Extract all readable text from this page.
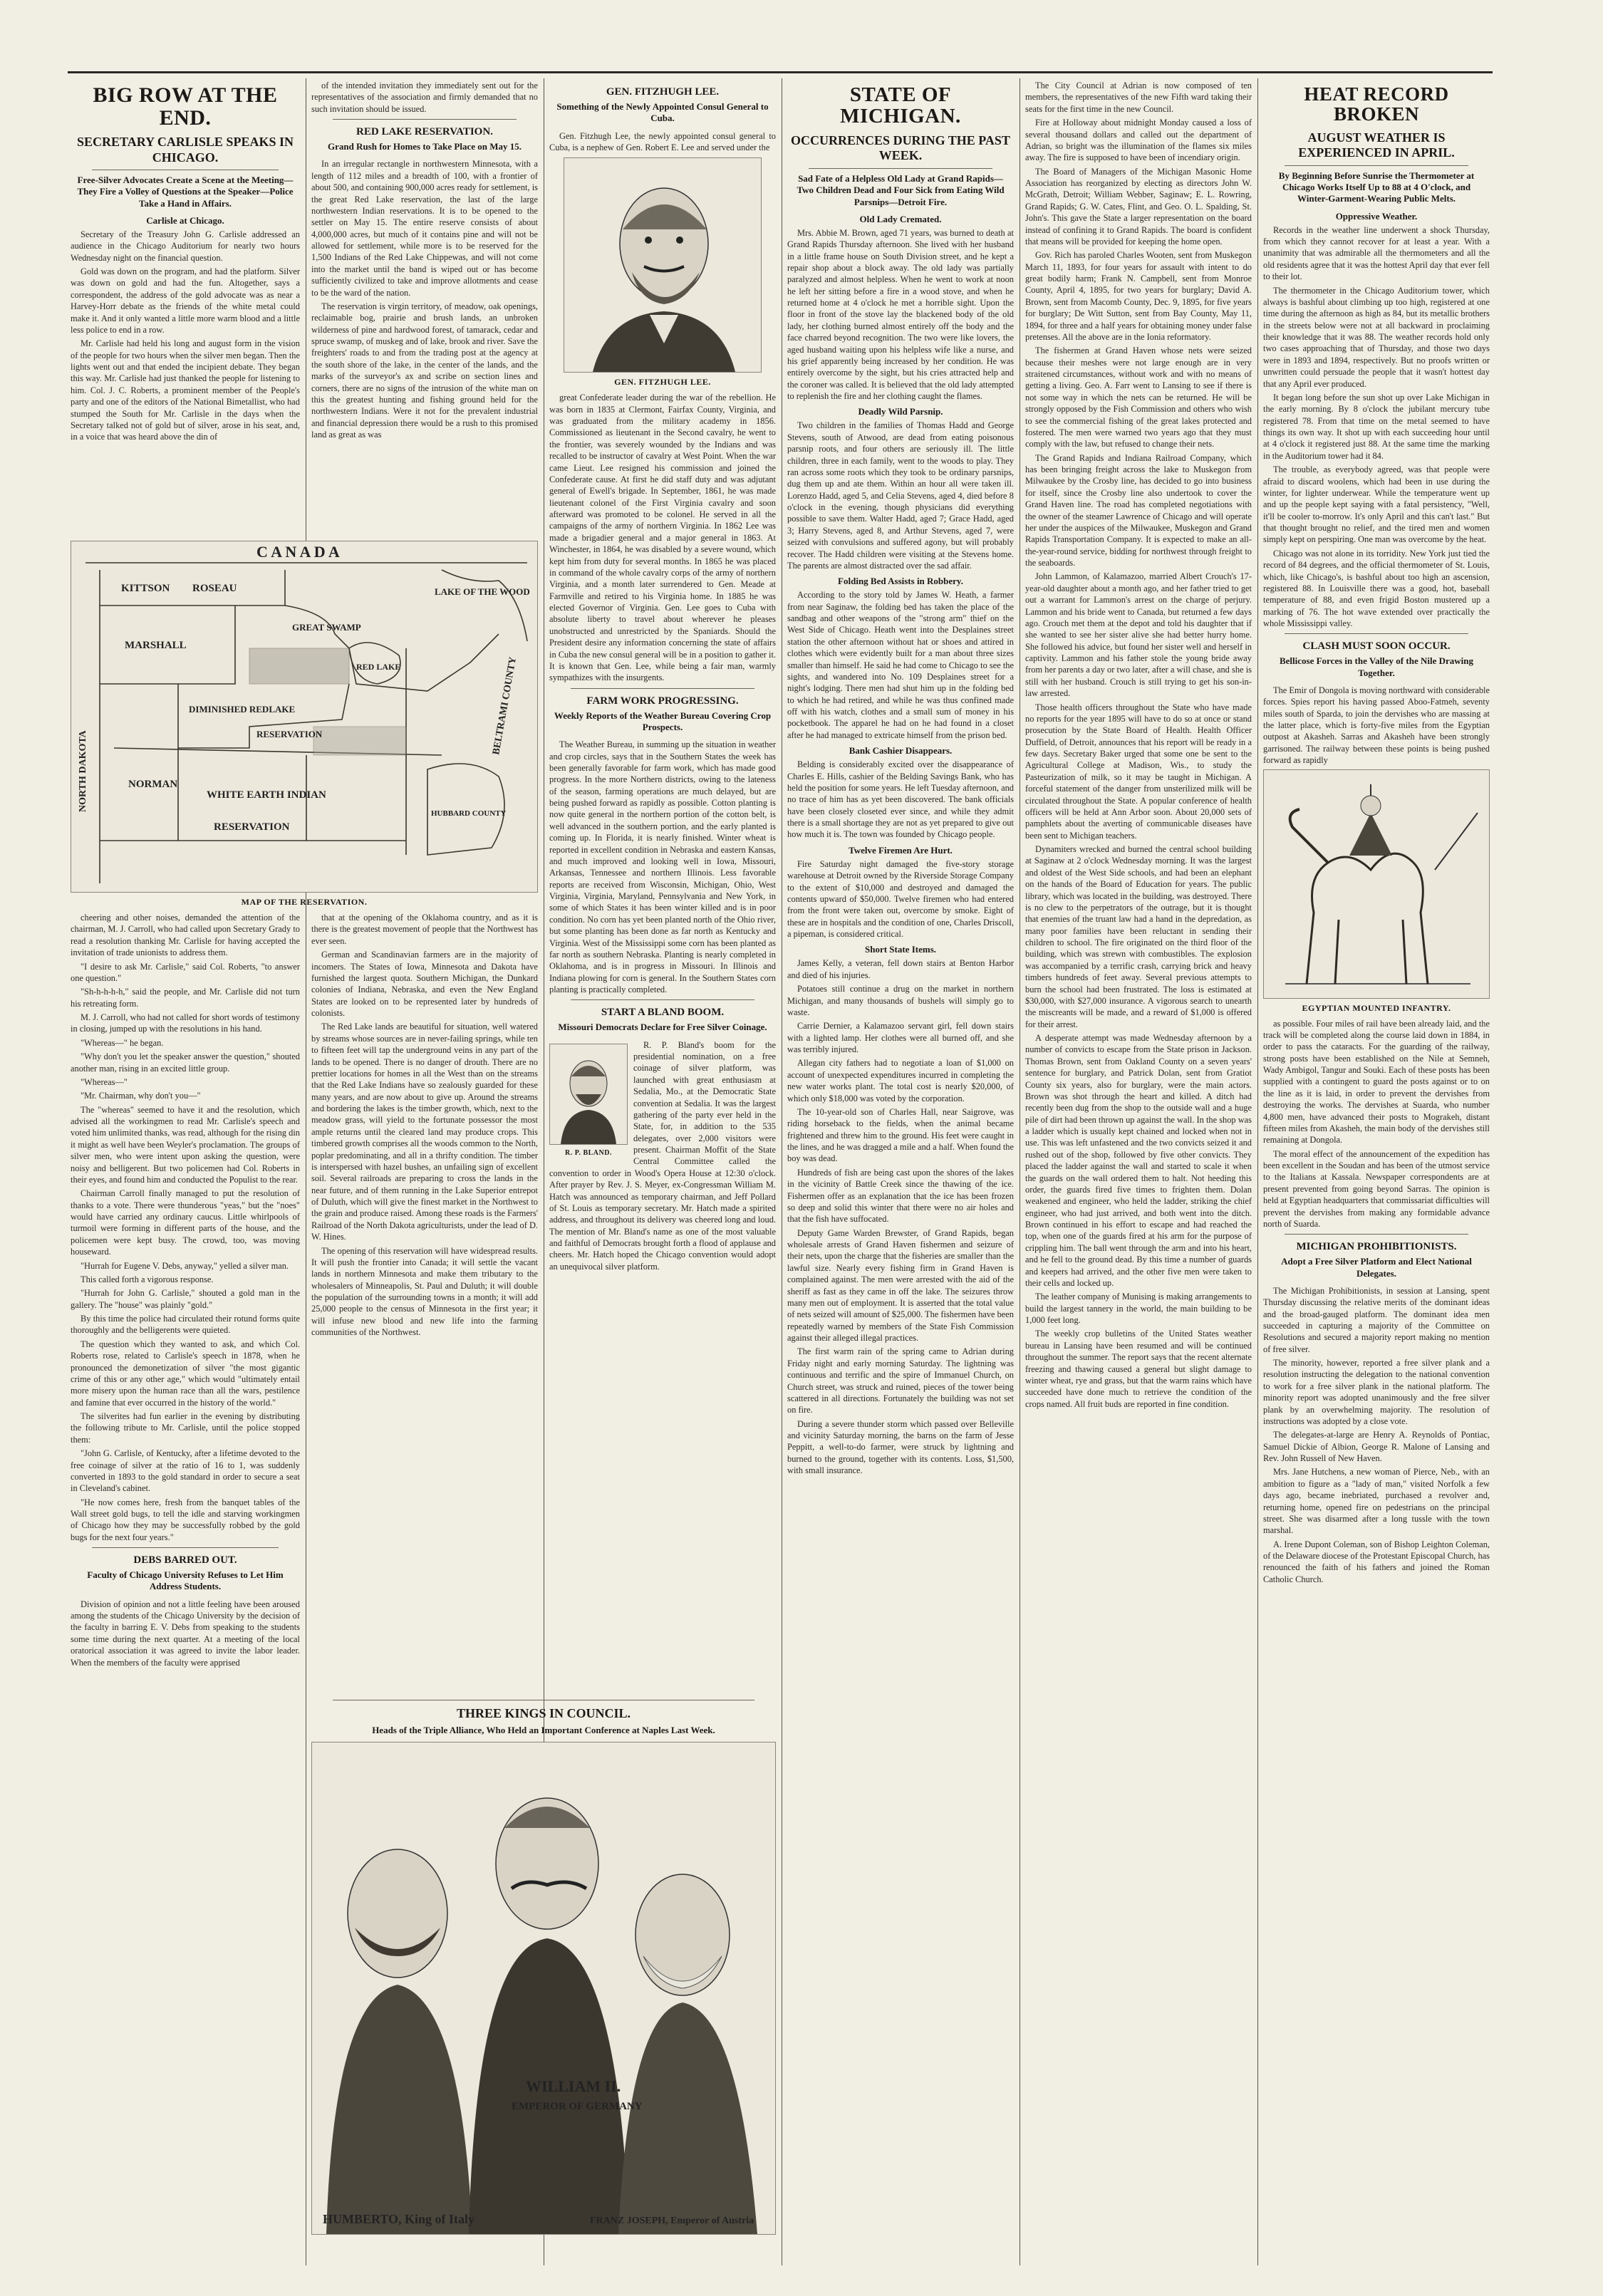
BIG ROW AT THE END.
SECRETARY CARLISLE SPEAKS IN CHICAGO.
Free-Silver Advocates Create a Scene at the Meeting—They Fire a Volley of Questions at the Speaker—Police Take a Hand in Affairs.
Carlisle at Chicago.

Secretary of the Treasury John G. Carlisle addressed an audience in the Chicago Auditorium for nearly two hours Wednesday night on the financial question.

Gold was down on the program, and had the platform. Silver was down on gold and had the fun. Altogether, says a correspondent, the address of the gold advocate was as near a Harvey-Horr debate as the friends of the white metal could make it. And it only wanted a little more warm blood and a little less police to end in a row.

Mr. Carlisle had held his long and august form in the vision of the people for two hours when the silver men began. Then the lights went out and that ended the incipient debate. They began this way. Mr. Carlisle had just thanked the people for listening to him. Col. J. C. Roberts, a prominent member of the People's party and one of the editors of the National Bimetallist, who had stumped the South for Mr. Carlisle in the days when the Secretary talked not of gold but of silver, arose in his seat, and, in a voice that was heard above the din of

C A N A D A
KITTSON ROSEAU	LAKE OF THE WOOD
GREAT SWAMP
MARSHALL
RED LAKE
DIMINISHED REDLAKE
RESERVATION
NORTH DAKOTA
BELTRAMI COUNTY
NORMAN
WHITE EARTH INDIAN
RESERVATION
HUBBARD COUNTY
MAP OF THE RESERVATION.

cheering and other noises, demanded the attention of the chairman, M. J. Carroll, who had called upon Secretary Grady to read a resolution thanking Mr. Carlisle for having accepted the invitation of trade unionists to address them.

"I desire to ask Mr. Carlisle," said Col. Roberts, "to answer one question."

"Sh-h-h-h-h," said the people, and Mr. Carlisle did not turn his retreating form.

M. J. Carroll, who had not called for short words of testimony in closing, jumped up with the resolutions in his hand.

"Whereas—" he began.

"Why don't you let the speaker answer the question," shouted another man, rising in an excited little group.

"Whereas—"

"Mr. Chairman, why don't you—"

The "whereas" seemed to have it and the resolution, which advised all the workingmen to read Mr. Carlisle's speech and voted him unlimited thanks, was read, although for the rising din it might as well have been Weyler's proclamation. The groups of silver men, who were intent upon asking the question, were noisy and belligerent. But two policemen had Col. Roberts in their eyes, and found him and conducted the Populist to the rear.

Chairman Carroll finally managed to put the resolution of thanks to a vote. There were thunderous "yeas," but the "noes" would have carried any ordinary caucus. Little whirlpools of turmoil were forming in different parts of the house, and the policemen were kept busy. The crowd, too, was moving houseward.

"Hurrah for Eugene V. Debs, anyway," yelled a silver man.

This called forth a vigorous response.

"Hurrah for John G. Carlisle," shouted a gold man in the gallery. The "house" was plainly "gold."

By this time the police had circulated their rotund forms quite thoroughly and the belligerents were quieted.

The question which they wanted to ask, and which Col. Roberts rose, related to Carlisle's speech in 1878, when he pronounced the demonetization of silver "the most gigantic crime of this or any other age," which would "ultimately entail more misery upon the human race than all the wars, pestilence and famine that ever occurred in the history of the world."

The silverites had fun earlier in the evening by distributing the following tribute to Mr. Carlisle, until the police stopped them:

"John G. Carlisle, of Kentucky, after a lifetime devoted to the free coinage of silver at the ratio of 16 to 1, was suddenly converted in 1893 to the gold standard in order to secure a seat in Cleveland's cabinet.

"He now comes here, fresh from the banquet tables of the Wall street gold bugs, to tell the idle and starving workingmen of Chicago how they may be successfully robbed by the gold bugs for the next four years."

DEBS BARRED OUT.
Faculty of Chicago University Refuses to Let Him Address Students.

Division of opinion and not a little feeling have been aroused among the students of the Chicago University by the decision of the faculty in barring E. V. Debs from speaking to the students some time during the next quarter. At a meeting of the local oratorical association it was agreed to invite the labor leader. When the members of the faculty were apprised

of the intended invitation they immediately sent out for the representatives of the association and firmly demanded that no such invitation should be issued.

RED LAKE RESERVATION.
Grand Rush for Homes to Take Place on May 15.

In an irregular rectangle in northwestern Minnesota, with a length of 112 miles and a breadth of 100, with a frontier of about 500, and containing 900,000 acres ready for settlement, is the great Red Lake reservation, the last of the large northwestern Indian reservations. It is to be opened to the settler on May 15. The entire reserve consists of about 4,000,000 acres, but much of it contains pine and will not be allowed for settlement, while more is to be reserved for the 1,500 Indians of the Red Lake Chippewas, and will not come into the market until the band is wiped out or has become sufficiently civilized to take and improve allotments and cease to be the ward of the nation.

The reservation is virgin territory, of meadow, oak openings, reclaimable bog, prairie and brush lands, an unbroken wilderness of pine and hardwood forest, of tamarack, cedar and spruce swamp, of muskeg and of lake, brook and river. Save the freighters' roads to and from the trading post at the agency at the south shore of the lake, in the center of the lands, and the marks of the surveyor's ax and scribe on section lines and corners, there are no signs of the intrusion of the white man on this the greatest hunting and fishing ground held for the northwestern Indians. Were it not for the prevalent industrial and financial depression there would be a rush to this promised land as great as was

that at the opening of the Oklahoma country, and as it is there is the greatest movement of people that the Northwest has ever seen.

German and Scandinavian farmers are in the majority of incomers. The States of Iowa, Minnesota and Dakota have furnished the largest quota. Southern Michigan, the Dunkard colonies of Indiana, Nebraska, and even the New England States are looked on to be represented later by hundreds of colonists.

The Red Lake lands are beautiful for situation, well watered by streams whose sources are in never-failing springs, while ten to fifteen feet will tap the underground veins in any part of the lands to be opened. There is no danger of drouth. There are no prettier locations for homes in all the West than on the streams that the Red Lake Indians have so zealously guarded for these many years, and are now about to give up. Around the streams and bordering the lakes is the timber growth, which, next to the meadow grass, will yield to the fortunate possessor the most ample returns until the cleared land may produce crops. This timbered growth comprises all the woods common to the North, poplar predominating, and all in a thrifty condition. The timber is interspersed with hazel bushes, an unfailing sign of excellent soil. Several railroads are preparing to cross the lands in the near future, and of them running in the Lake Superior entrepot of Duluth, which will give the finest market in the Northwest to the grain and produce raised. Among these roads is the Farmers' Railroad of the North Dakota agriculturists, under the lead of D. W. Hines.

The opening of this reservation will have widespread results. It will push the frontier into Canada; it will settle the vacant lands in northern Minnesota and make them tributary to the wholesalers of Minneapolis, St. Paul and Duluth; it will double the population of the surrounding towns in a month; it will add 25,000 people to the census of Minnesota in the first year; it will infuse new blood and new life into the farming communities of the Northwest.

GEN. FITZHUGH LEE.
Something of the Newly Appointed Consul General to Cuba.

Gen. Fitzhugh Lee, the newly appointed consul general to Cuba, is a nephew of Gen. Robert E. Lee and served under the

GEN. FITZHUGH LEE.

great Confederate leader during the war of the rebellion. He was born in 1835 at Clermont, Fairfax County, Virginia, and was graduated from the military academy in 1856. Commissioned as lieutenant in the Second cavalry, he went to the frontier, was severely wounded by the Indians and was recalled to be instructor of cavalry at West Point. When the war came Lieut. Lee resigned his commission and joined the Confederate cause. At first he did staff duty and was adjutant general of Ewell's brigade. In September, 1861, he was made lieutenant colonel of the First Virginia cavalry and soon afterward was promoted to be colonel. He served in all the campaigns of the army of northern Virginia. In 1862 Lee was made a brigadier general and a major general in 1863. At Winchester, in 1864, he was disabled by a severe wound, which kept him from duty for several months. In 1865 he was placed in command of the whole cavalry corps of the army of northern Virginia, and a month later surrendered to Gen. Meade at Farmville and retired to his Virginia home. In 1885 he was elected Governor of Virginia. Gen. Lee goes to Cuba with absolute liberty to travel about wherever he pleases unobstructed and unrestricted by the Spaniards. Should the President desire any information concerning the state of affairs in Cuba the new consul general will be in a position to gather it. It is known that Gen. Lee, while being a fair man, warmly sympathizes with the insurgents.

FARM WORK PROGRESSING.
Weekly Reports of the Weather Bureau Covering Crop Prospects.

The Weather Bureau, in summing up the situation in weather and crop circles, says that in the Southern States the week has been generally favorable for farm work, which has made good progress. In the more Northern districts, owing to the lateness of the season, farming operations are much delayed, but are being pushed forward as rapidly as possible. Cotton planting is now quite general in the northern portion of the cotton belt, is well advanced in the southern portion, and the early planted is coming up. In Florida, it is nearly finished. Winter wheat is reported in excellent condition in Nebraska and eastern Kansas, and much improved and looking well in Iowa, Missouri, Arkansas, Tennessee and northern Illinois. Less favorable reports are received from Wisconsin, Michigan, Ohio, West Virginia, Virginia, Maryland, Pennsylvania and New York, in some of which States it has been winter killed and is in poor condition. No corn has yet been planted north of the Ohio river, but some planting has been done as far north as Kentucky and Virginia. West of the Mississippi some corn has been planted as far north as southern Nebraska. Planting is nearly completed in Oklahoma, and is in progress in Missouri. In Illinois and Indiana plowing for corn is general. In the Southern States corn planting is practically completed.

START A BLAND BOOM.
Missouri Democrats Declare for Free Silver Coinage.
R. P. BLAND.

R. P. Bland's boom for the presidential nomination, on a free coinage of silver platform, was launched with great enthusiasm at Sedalia, Mo., at the Democratic State convention at Sedalia. It was the largest gathering of the party ever held in the State, for, in addition to the 535 delegates, over 2,000 visitors were present. Chairman Moffit of the State Central Committee called the convention to order in Wood's Opera House at 12:30 o'clock. After prayer by Rev. J. S. Meyer, ex-Congressman William M. Hatch was announced as temporary chairman, and Jeff Pollard of St. Louis as temporary secretary. Mr. Hatch made a spirited address, and throughout its delivery was cheered long and loud. The mention of Mr. Bland's name as one of the most valuable and faithful of Democrats brought forth a flood of applause and cheers. Mr. Hatch hoped the Chicago convention would adopt an unequivocal silver platform.

THREE KINGS IN COUNCIL.
Heads of the Triple Alliance, Who Held an Important Conference at Naples Last Week.
WILLIAM II.
EMPEROR OF GERMANY
HUMBERTO, King of Italy	FRANZ JOSEPH, Emperor of Austria
STATE OF MICHIGAN.
OCCURRENCES DURING THE PAST WEEK.
Sad Fate of a Helpless Old Lady at Grand Rapids—Two Children Dead and Four Sick from Eating Wild Parsnips—Detroit Fire.
Old Lady Cremated.

Mrs. Abbie M. Brown, aged 71 years, was burned to death at Grand Rapids Thursday afternoon. She lived with her husband in a little frame house on South Division street, and he kept a repair shop about a block away. The old lady was partially paralyzed and almost helpless. When he went to work at noon he left her sitting before a fire in a wood stove, and when he returned home at 4 o'clock he met a horrible sight. Upon the floor in front of the stove lay the blackened body of the old lady, her clothing burned almost entirely off the body and the face charred beyond recognition. The two were like lovers, the aged husband waiting upon his helpless wife like a nurse, and his grief apparently being increased by her condition. He was entirely overcome by the sight, but his cries attracted help and the coroner was called. It is believed that the old lady attempted to replenish the fire and her clothing caught the flames.

Deadly Wild Parsnip.

Two children in the families of Thomas Hadd and George Stevens, south of Atwood, are dead from eating poisonous parsnip roots, and four others are seriously ill. The little children, three in each family, went to the woods to play. They ran across some roots which they took to be ordinary parsnips, dug them up and ate them. Within an hour all were taken ill. Lorenzo Hadd, aged 5, and Celia Stevens, aged 4, died before 8 o'clock in the evening, though physicians did everything possible to save them. Walter Hadd, aged 7; Grace Hadd, aged 3; Harry Stevens, aged 8, and Arthur Stevens, aged 7, were seized with convulsions and suffered agony, but will probably recover. The Hadd children were visiting at the Stevens home. The parents are almost distracted over the sad affair.

Folding Bed Assists in Robbery.

According to the story told by James W. Heath, a farmer from near Saginaw, the folding bed has taken the place of the sandbag and other weapons of the "strong arm" thief on the West Side of Chicago. Heath went into the Desplaines street station the other afternoon without hat or shoes and attired in clothes which were evidently built for a man about three sizes smaller than himself. He said he had come to Chicago to see the sights, and wandered into No. 109 Desplaines street for a night's lodging. There men had shut him up in the folding bed to which he had retired, and while he was thus confined made off with his watch, clothes and a small sum of money in his pocketbook. The apparel he had on he had found in a closet after he had managed to extricate himself from the prison bed.

Bank Cashier Disappears.

Belding is considerably excited over the disappearance of Charles E. Hills, cashier of the Belding Savings Bank, who has held the position for some years. He left Tuesday afternoon, and no trace of him has as yet been discovered. The bank officials have been closely closeted ever since, and while they admit there is a small shortage they are not as yet prepared to give out how much it is. The town was founded by Chicago people.

Twelve Firemen Are Hurt.

Fire Saturday night damaged the five-story storage warehouse at Detroit owned by the Riverside Storage Company to the extent of $10,000 and destroyed and damaged the contents upward of $50,000. Twelve firemen who had entered from the front were taken out, overcome by smoke. Eight of these are in hospitals and the condition of one, Charles Driscoll, a pipeman, is considered critical.

Short State Items.

James Kelly, a veteran, fell down stairs at Benton Harbor and died of his injuries.

Potatoes still continue a drug on the market in northern Michigan, and many thousands of bushels will simply go to waste.

Carrie Dernier, a Kalamazoo servant girl, fell down stairs with a lighted lamp. Her clothes were all burned off, and she was terribly injured.

Allegan city fathers had to negotiate a loan of $1,000 on account of unexpected expenditures incurred in completing the new water works plant. The total cost is nearly $20,000, of which only $18,000 was voted by the corporation.

The 10-year-old son of Charles Hall, near Saigrove, was riding horseback to the fields, when the animal became frightened and threw him to the ground. His feet were caught in the lines, and he was dragged a mile and a half. When found the boy was dead.

Hundreds of fish are being cast upon the shores of the lakes in the vicinity of Battle Creek since the thawing of the ice. Fishermen offer as an explanation that the ice has been frozen so deep and solid this winter that there were no air holes and that the fish have suffocated.

Deputy Game Warden Brewster, of Grand Rapids, began wholesale arrests of Grand Haven fishermen and seizure of their nets, upon the charge that the fisheries are smaller than the lawful size. Nearly every fishing firm in Grand Haven is complained against. The men were arrested with the aid of the sheriff as fast as they came in off the lake. The seizures throw many men out of employment. It is asserted that the total value of nets seized will amount of $25,000. The fishermen have been repeatedly warned by members of the State Fish Commission against their alleged illegal practices.

The first warm rain of the spring came to Adrian during Friday night and early morning Saturday. The lightning was continuous and terrific and the spire of Immanuel Church, on Church street, was struck and ruined, pieces of the tower being scattered in all directions. Fortunately the building was not set on fire.

During a severe thunder storm which passed over Belleville and vicinity Saturday morning, the barns on the farm of Jesse Peppitt, a well-to-do farmer, were struck by lightning and burned to the ground, together with its contents. Loss, $1,500, with small insurance.

The City Council at Adrian is now composed of ten members, the representatives of the new Fifth ward taking their seats for the first time in the new Council.

Fire at Holloway about midnight Monday caused a loss of several thousand dollars and called out the department of Adrian, so bright was the illumination of the flames six miles away. The fire is supposed to have been of incendiary origin.

The Board of Managers of the Michigan Masonic Home Association has reorganized by electing as directors John W. McGrath, Detroit; William Webber, Saginaw; E. L. Rowring, Grand Rapids; G. W. Cates, Flint, and Geo. O. L. Spalding, St. John's. This gave the State a larger representation on the board instead of confining it to Grand Rapids. The board is confident that means will be provided for keeping the home open.

Gov. Rich has paroled Charles Wooten, sent from Muskegon March 11, 1893, for four years for assault with intent to do great bodily harm; Frank N. Campbell, sent from Monroe County, April 4, 1895, for two years for burglary; David A. Brown, sent from Macomb County, Dec. 9, 1895, for five years for burglary; De Witt Sutton, sent from Bay County, May 11, 1894, for three and a half years for obtaining money under false pretenses. All the above are in the Ionia reformatory.

The fishermen at Grand Haven whose nets were seized because their meshes were not large enough are in very straitened circumstances, without work and with no means of getting a living. Geo. A. Farr went to Lansing to see if there is not some way in which the nets can be returned. He will be strongly opposed by the Fish Commission and others who wish to see the commercial fishing of the great lakes protected and fostered. The men were warned two years ago that they must comply with the law, but refused to change their nets.

The Grand Rapids and Indiana Railroad Company, which has been bringing freight across the lake to Muskegon from Milwaukee by the Crosby line, has decided to go into business for itself, since the Crosby line also undertook to cover the Grand Haven line. The road has completed negotiations with the owner of the steamer Lawrence of Chicago and will operate her under the auspices of the Milwaukee, Muskegon and Grand Rapids Transportation Company. It is expected to make an all-the-year-round service, bidding for northwest through freight to the seaboards.

John Lammon, of Kalamazoo, married Albert Crouch's 17-year-old daughter about a month ago, and her father tried to get out a warrant for Lammon's arrest on the charge of perjury. Lammon and his bride went to Canada, but returned a few days ago. Crouch met them at the depot and told his daughter that if she wanted to see her sister alive she had better hurry home. She followed his advice, but found her sister well and herself in captivity. Lammon and his father stole the young bride away from her parents a day or two later, after a will chase, and she is still with her husband. Crouch is still trying to get his son-in-law arrested.

Those health officers throughout the State who have made no reports for the year 1895 will have to do so at once or stand prosecution by the State Board of Health. Health Officer Duffield, of Detroit, announces that his report will be ready in a few days. Secretary Baker urged that some one be sent to the Agricultural College at Madison, Wis., to study the Pasteurization of milk, so it may be taught in Michigan. A forceful statement of the danger from unsterilized milk will be circulated throughout the State. A popular conference of health officers will be held at Ann Arbor soon. About 20,000 sets of pamphlets about the averting of communicable diseases have been sent to Michigan teachers.

Dynamiters wrecked and burned the central school building at Saginaw at 2 o'clock Wednesday morning. It was the largest and oldest of the West Side schools, and had been an elephant on the hands of the Board of Education for years. The public library, which was located in the building, was destroyed. There is no clew to the perpetrators of the outrage, but it is thought that enemies of the truant law had a hand in the depredation, as many poor families have been reluctant in sending their children to school. The fire originated on the third floor of the building, which was strewn with combustibles. The explosion was accompanied by a terrific crash, carrying brick and heavy timbers hundreds of feet away. Several previous attempts to burn the school had been frustrated. The loss is estimated at $30,000, with $27,000 insurance. A vigorous search to unearth the miscreants will be made, and a reward of $1,000 is offered for their arrest.

A desperate attempt was made Wednesday afternoon by a number of convicts to escape from the State prison in Jackson. Thomas Brown, sent from Oakland County on a seven years' sentence for burglary, and Patrick Dolan, sent from Gratiot County six years, also for burglary, were the main actors. Brown was shot through the heart and killed. A ditch had recently been dug from the shop to the outside wall and a huge pile of dirt had been thrown up against the wall. In the shop was a ladder which is usually kept chained and locked when not in use. This was left unfastened and the two convicts seized it and rushed out of the shop, followed by five other convicts. They placed the ladder against the wall and started to scale it when the guards on the wall ordered them to halt. Not heeding this order, the guards fired five times to frighten them. Dolan weakened and engineer, who held the ladder, striking the chief engineer, who had just arrived, and both went into the ditch. Brown continued in his effort to escape and had reached the top, when one of the guards fired at his arm for the purpose of crippling him. The ball went through the arm and into his heart, and he fell to the ground dead. By this time a number of guards and keepers had arrived, and the other five men were taken to their cells and locked up.

The leather company of Munising is making arrangements to build the largest tannery in the world, the main building to be 1,000 feet long.

The weekly crop bulletins of the United States weather bureau in Lansing have been resumed and will be continued throughout the summer. The report says that the recent alternate freezing and thawing caused a general but slight damage to winter wheat, rye and grass, but that the warm rains which have succeeded have done much to retrieve the condition of the crops named. All fruit buds are reported in fine condition.

HEAT RECORD BROKEN
AUGUST WEATHER IS EXPERIENCED IN APRIL.
By Beginning Before Sunrise the Thermometer at Chicago Works Itself Up to 88 at 4 O'clock, and Winter-Garment-Wearing Public Melts.
Oppressive Weather.

Records in the weather line underwent a shock Thursday, from which they cannot recover for at least a year. With a unanimity that was admirable all the thermometers and all the old residents agree that it was the hottest April day that ever fell to their lot.

The thermometer in the Chicago Auditorium tower, which always is bashful about climbing up too high, registered at one time during the afternoon as high as 84, but its metallic brothers in the streets below were not at all backward in proclaiming their knowledge that it was 88. The weather records hold only two cases approaching that of Thursday, and those two days were in 1893 and 1894, respectively. But no proofs written or unwritten could persuade the people that it wasn't hottest day that any April ever produced.

It began long before the sun shot up over Lake Michigan in the early morning. By 8 o'clock the jubilant mercury tube registered 78. From that time on the metal seemed to have things its own way. It shot up with each succeeding hour until at 4 o'clock it registered just 88. At the same time the marking in the Auditorium tower had it 84.

The trouble, as everybody agreed, was that people were afraid to discard woolens, which had been in use during the winter, for lighter underwear. While the temperature went up and up the people kept saying with a fatal persistency, "Well, it'll be cooler to-morrow. It's only April and this can't last." But that thought brought no relief, and the tired men and women simply kept on perspiring. One man was overcome by the heat.

Chicago was not alone in its torridity. New York just tied the record of 84 degrees, and the official thermometer of St. Louis, which, like Chicago's, is bashful about too high an ascension, registered 88. In Louisville there was a good, hot, baseball temperature of 88, and even frigid Boston mustered up a marking of 76. The hot wave extended over practically the whole Mississippi valley.

CLASH MUST SOON OCCUR.
Bellicose Forces in the Valley of the Nile Drawing Together.

The Emir of Dongola is moving northward with considerable forces. Spies report his having passed Aboo-Fatmeh, seventy miles south of Sparda, to join the dervishes who are massing at the latter place, which is forty-five miles from the Egyptian outpost at Akasheh. Sarras and Akasheh have been strongly garrisoned. The railway between these points is being pushed forward as rapidly

EGYPTIAN MOUNTED INFANTRY.

as possible. Four miles of rail have been already laid, and the track will be completed along the course laid down in 1884, in order to pass the cataracts. For the guarding of the railway, strong posts have been established on the Nile at Semneh, Wady Ambigol, Tangur and Souki. Each of these posts has been supplied with a contingent to guard the posts against or to on the line as it is laid, in order to prevent the dervishes from destroying the works. The dervishes at Suarda, who number 4,800 men, have advanced their posts to Mograkeh, distant fifteen miles from Akasheh, the main body of the dervishes still remaining at Dongola.

The moral effect of the announcement of the expedition has been excellent in the Soudan and has been of the utmost service to the Italians at Kassala. Newspaper correspondents are at present prevented from going beyond Sarras. The opinion is held at Egyptian headquarters that commissariat difficulties will prevent the dervishes from making any formidable advance north of Suarda.

MICHIGAN PROHIBITIONISTS.
Adopt a Free Silver Platform and Elect National Delegates.

The Michigan Prohibitionists, in session at Lansing, spent Thursday discussing the relative merits of the dominant ideas and the broad-gauged platform. The dominant idea men succeeded in capturing a majority of the Committee on Resolutions and secured a majority report making no mention of free silver.

The minority, however, reported a free silver plank and a resolution instructing the delegation to the national convention to work for a free silver plank in the national platform. The minority report was adopted unanimously and the free silver plank by an overwhelming majority. The resolution of instructions was adopted by a close vote.

The delegates-at-large are Henry A. Reynolds of Pontiac, Samuel Dickie of Albion, George R. Malone of Lansing and Rev. John Russell of New Haven.

Mrs. Jane Hutchens, a new woman of Pierce, Neb., with an ambition to figure as a "lady of man," visited Norfolk a few days ago, became inebriated, purchased a revolver and, returning home, opened fire on pedestrians on the principal street. She was disarmed after a long tussle with the town marshal.

A. Irene Dupont Coleman, son of Bishop Leighton Coleman, of the Delaware diocese of the Protestant Episcopal Church, has renounced the faith of his fathers and joined the Roman Catholic Church.
